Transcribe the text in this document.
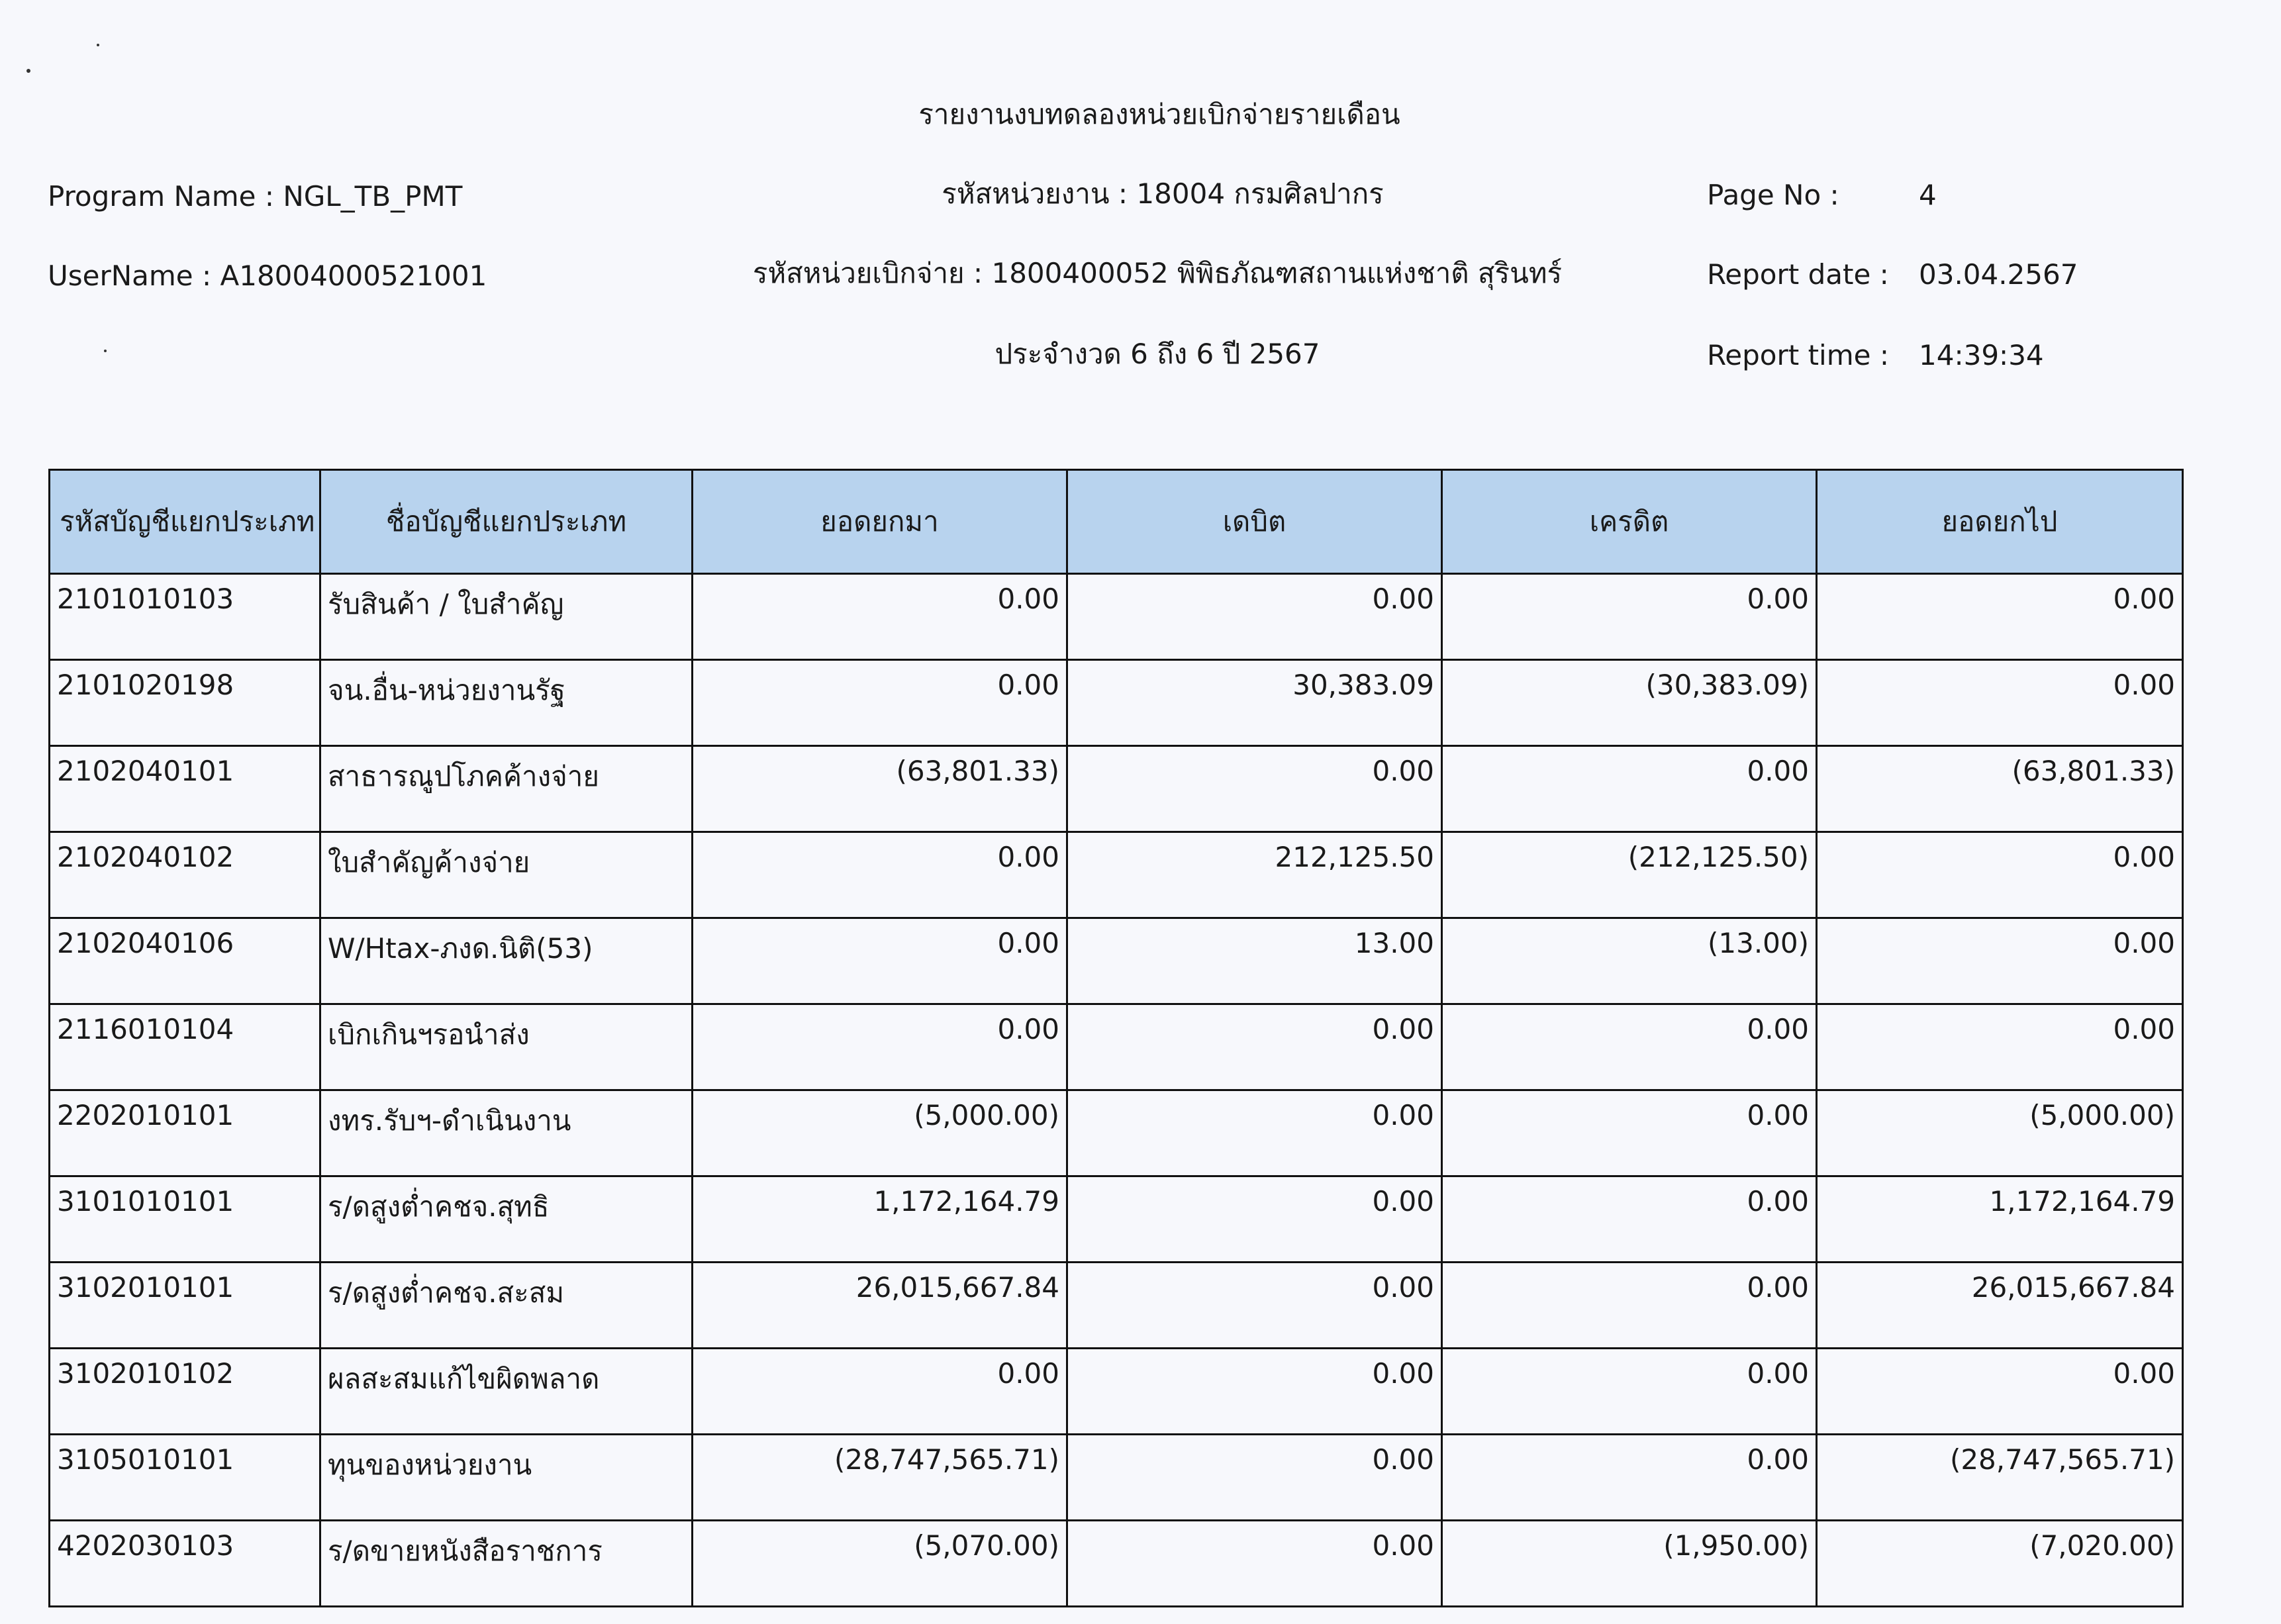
รายงานงบทดลองหน่วยเบิกจ่ายรายเดือน
Program Name : NGL_TB_PMT
UserName : A18004000521001
รหัสหน่วยงาน : 18004 กรมศิลปากร
รหัสหน่วยเบิกจ่าย : 1800400052 พิพิธภัณฑสถานแห่งชาติ สุรินทร์
ประจำงวด 6 ถึง 6 ปี 2567
Page No :	4
Report date : 03.04.2567
Report time : 14:39:34
รหัสบัญชีแยกประเภท	ชื่อบัญชีแยกประเภท	ยอดยกมา	เดบิต	เครดิต	ยอดยกไป
2101010103	รับสินค้า / ใบสำคัญ	0.00	0.00	0.00	0.00
2101020198	จน.อื่น-หน่วยงานรัฐ	0.00	30,383.09	(30,383.09)	0.00
2102040101	สาธารณูปโภคค้างจ่าย	(63,801.33)	0.00	0.00	(63,801.33)
2102040102	ใบสำคัญค้างจ่าย	0.00	212,125.50	(212,125.50)	0.00
2102040106	W/Htax-ภงด.นิติ(53)	0.00	13.00	(13.00)	0.00
2116010104	เบิกเกินฯรอนำส่ง	0.00	0.00	0.00	0.00
2202010101	งทร.รับฯ-ดำเนินงาน	(5,000.00)	0.00	0.00	(5,000.00)
3101010101	ร/ดสูงต่ำคชจ.สุทธิ	1,172,164.79	0.00	0.00	1,172,164.79
3102010101	ร/ดสูงต่ำคชจ.สะสม	26,015,667.84	0.00	0.00	26,015,667.84
3102010102	ผลสะสมแก้ไขผิดพลาด	0.00	0.00	0.00	0.00
3105010101	ทุนของหน่วยงาน	(28,747,565.71)	0.00	0.00	(28,747,565.71)
4202030103	ร/ดขายหนังสือราชการ	(5,070.00)	0.00	(1,950.00)	(7,020.00)
